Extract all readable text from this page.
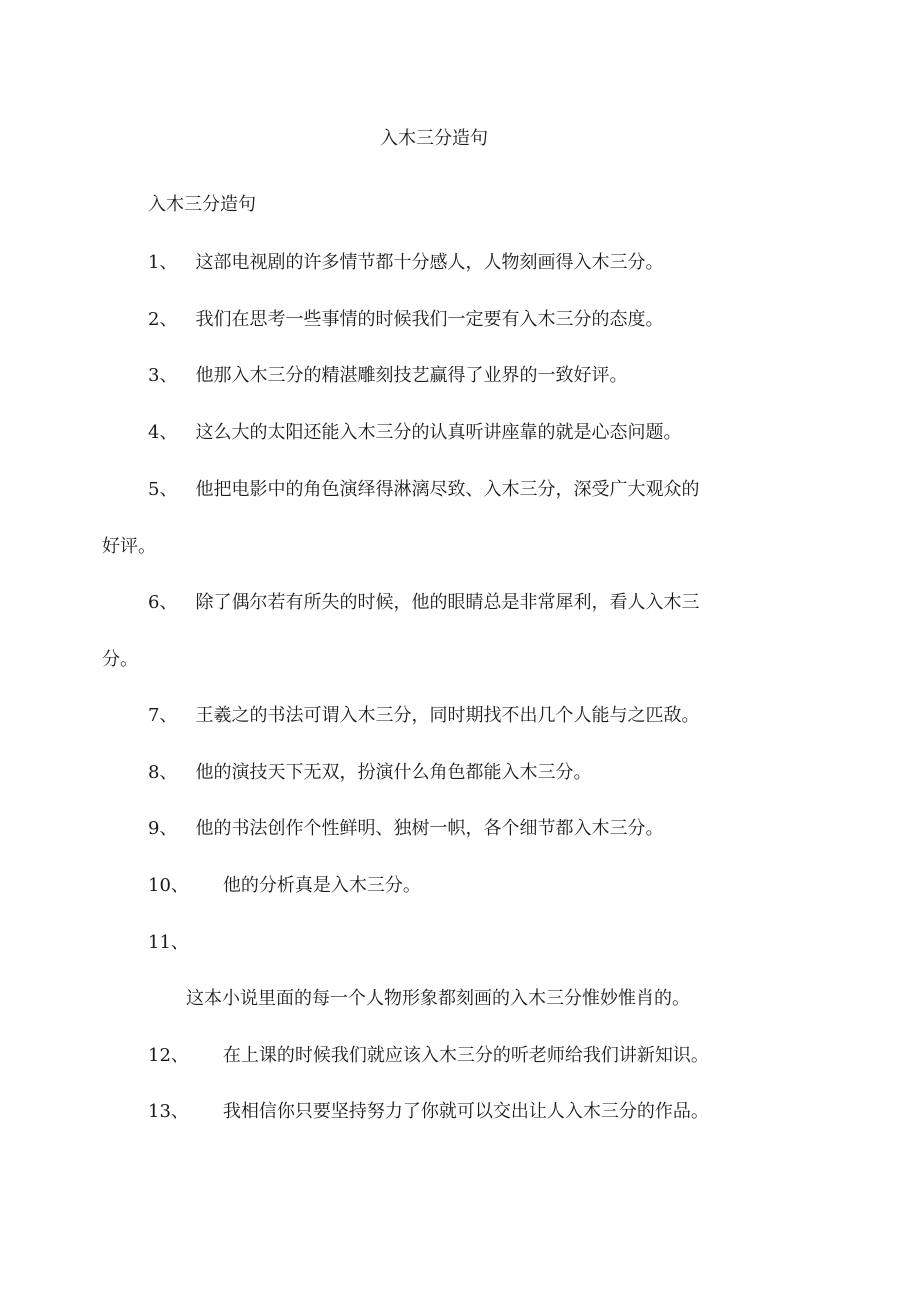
入木三分造句
入木三分造句
1、 这部电视剧的许多情节都十分感人，人物刻画得入木三分。
2、 我们在思考一些事情的时候我们一定要有入木三分的态度。
3、 他那入木三分的精湛雕刻技艺赢得了业界的一致好评。
4、 这么大的太阳还能入木三分的认真听讲座靠的就是心态问题。
5、 他把电影中的角色演绎得淋漓尽致、入木三分，深受广大观众的
好评。
6、 除了偶尔若有所失的时候，他的眼睛总是非常犀利，看人入木三
分。
7、 王羲之的书法可谓入木三分，同时期找不出几个人能与之匹敌。
8、 他的演技天下无双，扮演什么角色都能入木三分。
9、 他的书法创作个性鲜明、独树一帜，各个细节都入木三分。
10、 他的分析真是入木三分。
11、
这本小说里面的每一个人物形象都刻画的入木三分惟妙惟肖的。
12、 在上课的时候我们就应该入木三分的听老师给我们讲新知识。
13、 我相信你只要坚持努力了你就可以交出让人入木三分的作品。
